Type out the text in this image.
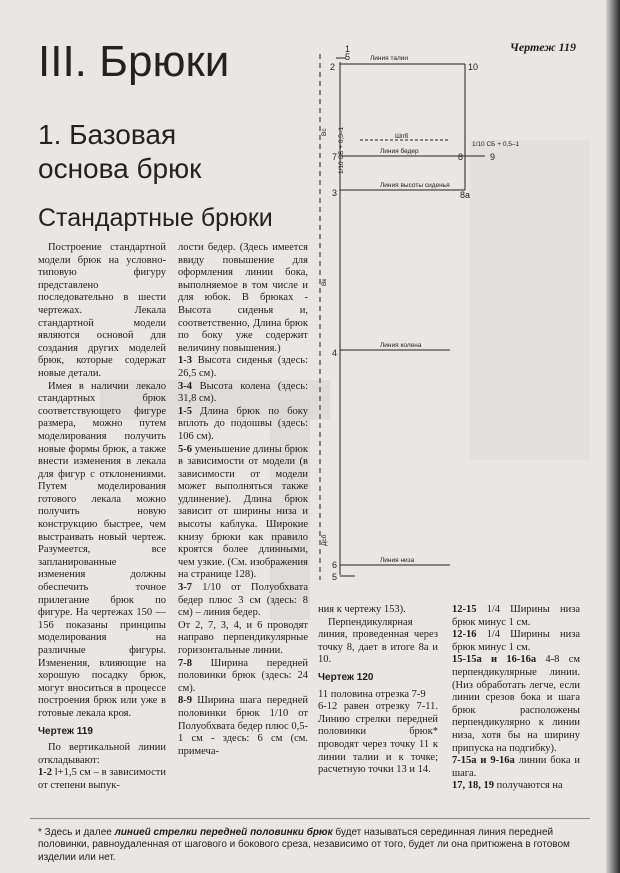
III. Брюки
1. Базовая основа брюк
Стандартные брюки
Чертеж 119
1
5
2	10
7	8	9
3	8а
4
6
5
Линия талии
Шпб
Линия бедер
1/10 СБ + 0,5–1
Линия высоты сиденья
Линия колена
Линия низа
1/10 СБ + 0,5–1
Вс
Вк
Дсб

Построение стандартной модели брюк на условно-типовую фигуру представлено последовательно в шести чертежах. Лекала стандартной модели являются основой для создания других моделей брюк, которые содержат новые детали.

Имея в наличии лекало стандартных брюк соответствующего фигуре размера, можно путем моделирования получить новые формы брюк, а также внести изменения в лекала для фигур с отклонениями. Путем моделирования готового лекала можно получить новую конструкцию быстрее, чем выстраивать новый чертеж. Разумеется, все запланированные изменения должны обеспечить точное прилегание брюк по фигуре. На чертежах 150 — 156 показаны принципы моделирования на различные фигуры. Изменения, влияющие на хорошую посадку брюк, могут вноситься в процессе построения брюк или уже в готовые лекала кроя.

Чертеж 119

По вертикальной линии откладывают:

1-2 l+1,5 см – в зависимости от степени выпук-

лости бедер. (Здесь имеется ввиду повышение для оформления линии бока, выполняемое в том числе и для юбок. В брюках - Высота сиденья и, соответственно, Длина брюк по боку уже содержит величину повышения.)

1-3 Высота сиденья (здесь: 26,5 см).

3-4 Высота колена (здесь: 31,8 см).

1-5 Длина брюк по боку вплоть до подошвы (здесь: 106 см).

5-6 уменьшение длины брюк в зависимости от модели (в зависимости от модели может выполняться также удлинение). Длина брюк зависит от ширины низа и высоты каблука. Широкие книзу брюки как правило кроятся более длинными, чем узкие. (См. изображения на странице 128).

3-7 1/10 от Полуобхвата бедер плюс 3 см (здесь: 8 см) – линия бедер.

От 2, 7, 3, 4, и 6 проводят направо перпендикулярные горизонтальные линии.

7-8 Ширина передней половинки брюк (здесь: 24 см).

8-9 Ширина шага передней половинки брюк 1/10 от Полуобхвата бедер плюс 0,5-1 см - здесь: 6 см (см. примеча-

ния к чертежу 153).

Перпендикулярная линия, проведенная через точку 8, дает в итоге 8а и 10.

Чертеж 120

11 половина отрезка 7-9

6-12 равен отрезку 7-11. Линию стрелки передней половинки брюк* проводят через точку 11 к линии талии и к точке; расчетную точки 13 и 14.

12-15 1/4 Ширины низа брюк минус 1 см.

12-16 1/4 Ширины низа брюк минус 1 см.

15-15а и 16-16а 4-8 см перпендикулярные линии. (Низ обработать легче, если линии срезов бока и шага брюк расположены перпендикулярно к линии низа, хотя бы на ширину припуска на подгибку).

7-15а и 9-16а линии бока и шага.

17, 18, 19 получаются на

* Здесь и далее линией стрелки передней половинки брюк будет называться серединная линия передней половинки, равноудаленная от шагового и бокового среза, независимо от того, будет ли она притюжена в готовом изделии или нет.
